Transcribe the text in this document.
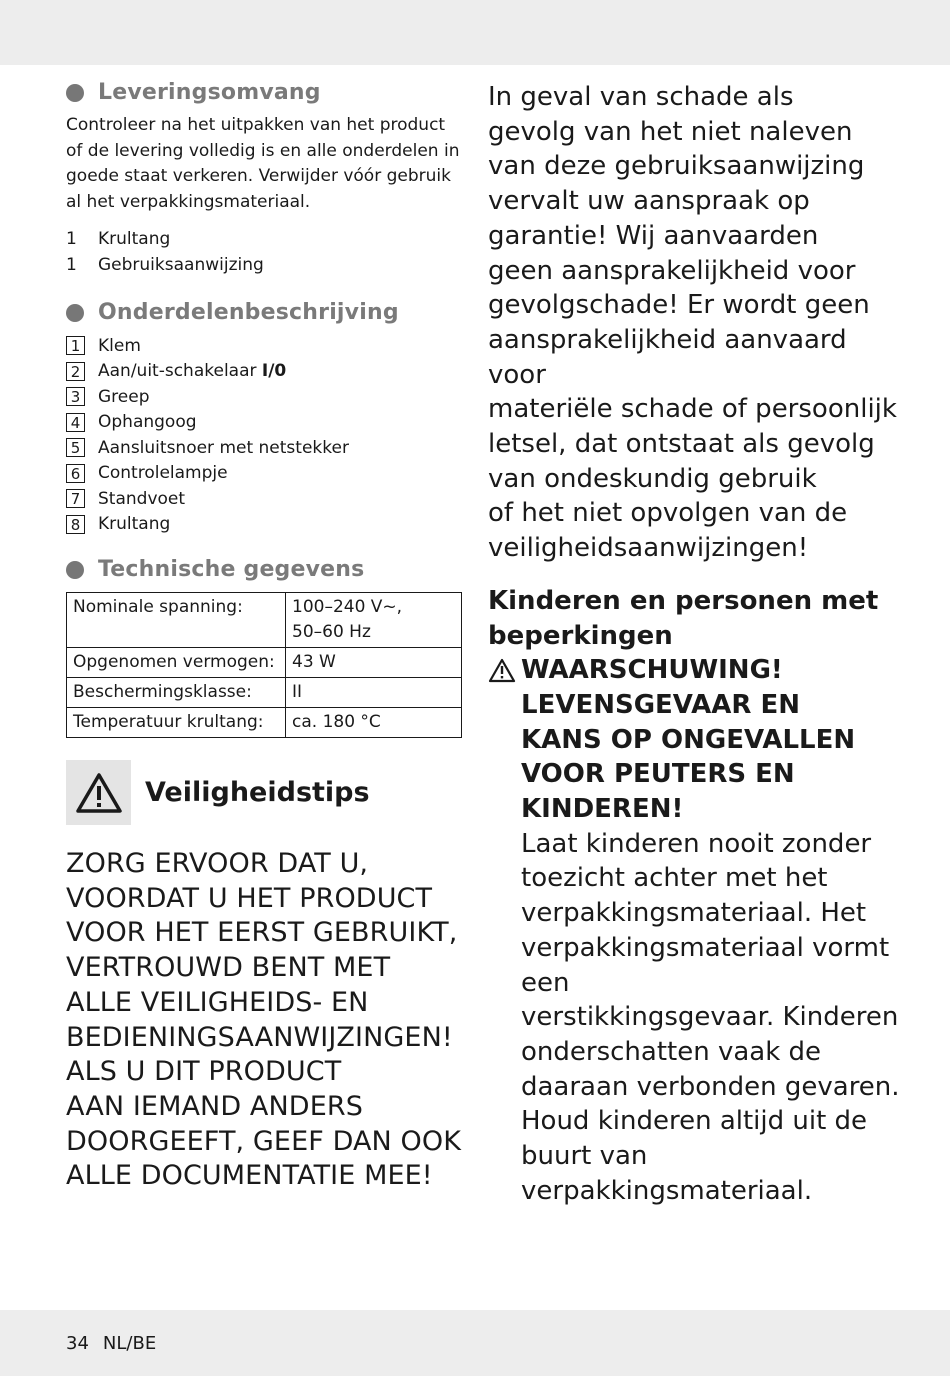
Leveringsomvang

Controleer na het uitpakken van het product of de levering volledig is en alle onderdelen in goede staat verkeren. Verwijder vóór gebruik al het verpakkingsmateriaal.

1	Krultang
1	Gebruiksaanwijzing
Onderdelenbeschrijving
1 Klem
2 Aan/uit-schakelaar I/0
3 Greep
4 Ophangoog
5 Aansluitsnoer met netstekker
6 Controlelampje
7 Standvoet
8 Krultang
Technische gegevens
Nominale spanning:	100–240 V~,
50–60 Hz

Opgenomen vermogen:	43 W
Beschermingsklasse:	II
Temperatuur krultang:	ca. 180 °C
Veiligheidstips
ZORG ERVOOR DAT U,
VOORDAT U HET PRODUCT
VOOR HET EERST GEBRUIKT,
VERTROUWD BENT MET
ALLE VEILIGHEIDS- EN
BEDIENINGSAANWIJZINGEN!
ALS U DIT PRODUCT
AAN IEMAND ANDERS
DOORGEEFT, GEEF DAN OOK
ALLE DOCUMENTATIE MEE!
In geval van schade als
gevolg van het niet naleven
van deze gebruiksaanwijzing
vervalt uw aanspraak op
garantie! Wij aanvaarden
geen aansprakelijkheid voor
gevolgschade! Er wordt geen
aansprakelijkheid aanvaard voor
materiële schade of persoonlijk
letsel, dat ontstaat als gevolg
van ondeskundig gebruik
of het niet opvolgen van de
veiligheidsaanwijzingen!
Kinderen en personen met
beperkingen
WAARSCHUWING!
LEVENSGEVAAR EN
KANS OP ONGEVALLEN
VOOR PEUTERS EN
KINDEREN!
Laat kinderen nooit zonder
toezicht achter met het
verpakkingsmateriaal. Het
verpakkingsmateriaal vormt een
verstikkingsgevaar. Kinderen
onderschatten vaak de
daaraan verbonden gevaren.
Houd kinderen altijd uit de
buurt van verpakkingsmateriaal.
34 NL/BE
